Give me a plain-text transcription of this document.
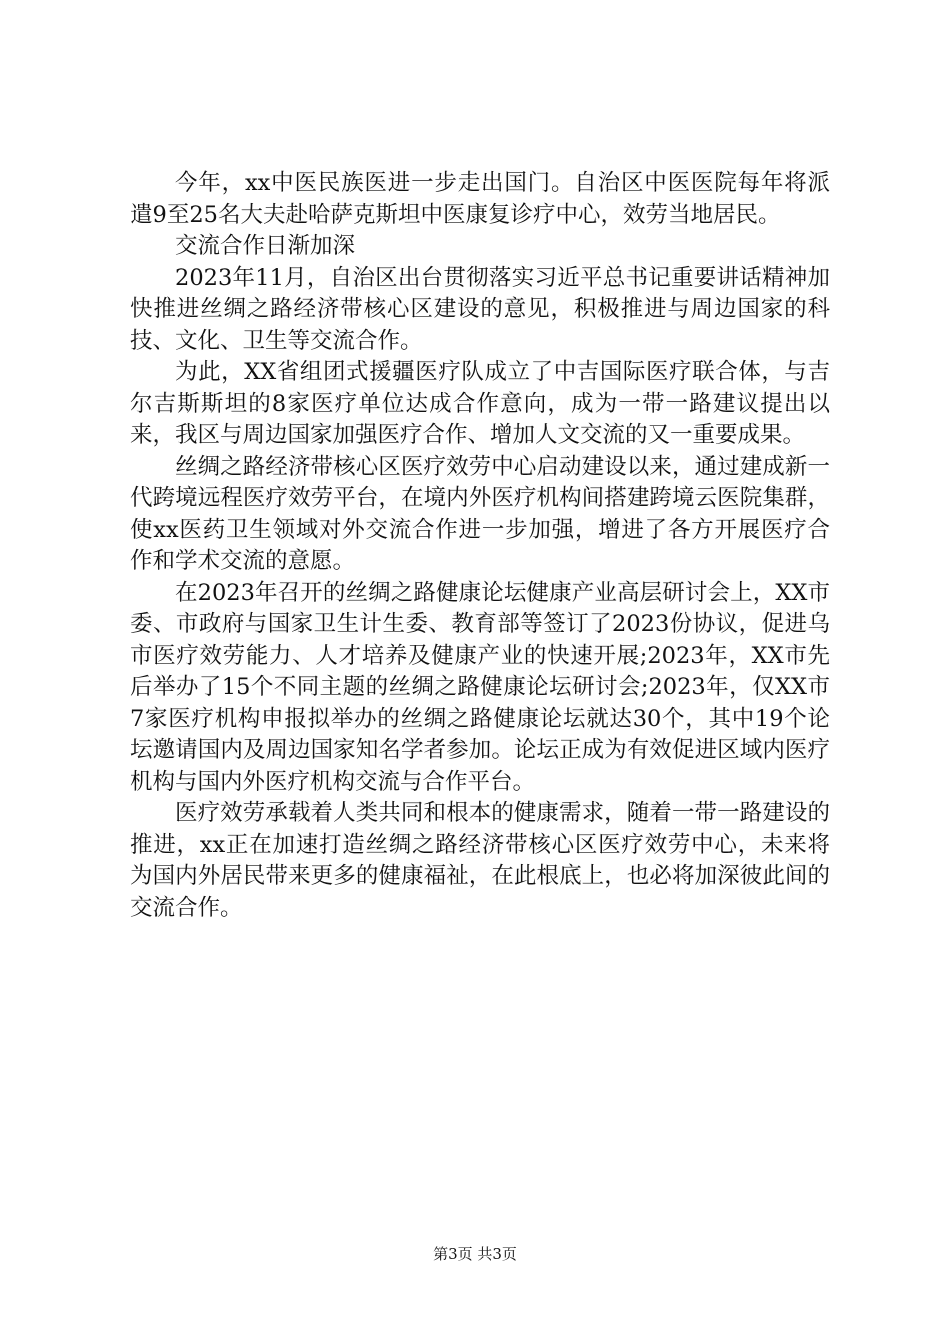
今年，xx中医民族医进一步走出国门。自治区中医医院每年将派遣9至25名大夫赴哈萨克斯坦中医康复诊疗中心，效劳当地居民。

交流合作日渐加深

2023年11月，自治区出台贯彻落实习近平总书记重要讲话精神加快推进丝绸之路经济带核心区建设的意见，积极推进与周边国家的科技、文化、卫生等交流合作。

为此，XX省组团式援疆医疗队成立了中吉国际医疗联合体，与吉尔吉斯斯坦的8家医疗单位达成合作意向，成为一带一路建议提出以来，我区与周边国家加强医疗合作、增加人文交流的又一重要成果。

丝绸之路经济带核心区医疗效劳中心启动建设以来，通过建成新一代跨境远程医疗效劳平台，在境内外医疗机构间搭建跨境云医院集群，使xx医药卫生领域对外交流合作进一步加强，增进了各方开展医疗合作和学术交流的意愿。

在2023年召开的丝绸之路健康论坛健康产业高层研讨会上，XX市委、市政府与国家卫生计生委、教育部等签订了2023份协议，促进乌市医疗效劳能力、人才培养及健康产业的快速开展;2023年，XX市先后举办了15个不同主题的丝绸之路健康论坛研讨会;2023年，仅XX市7家医疗机构申报拟举办的丝绸之路健康论坛就达30个，其中19个论坛邀请国内及周边国家知名学者参加。论坛正成为有效促进区域内医疗机构与国内外医疗机构交流与合作平台。

医疗效劳承载着人类共同和根本的健康需求，随着一带一路建设的推进，xx正在加速打造丝绸之路经济带核心区医疗效劳中心，未来将为国内外居民带来更多的健康福祉，在此根底上，也必将加深彼此间的交流合作。

第3页 共3页
